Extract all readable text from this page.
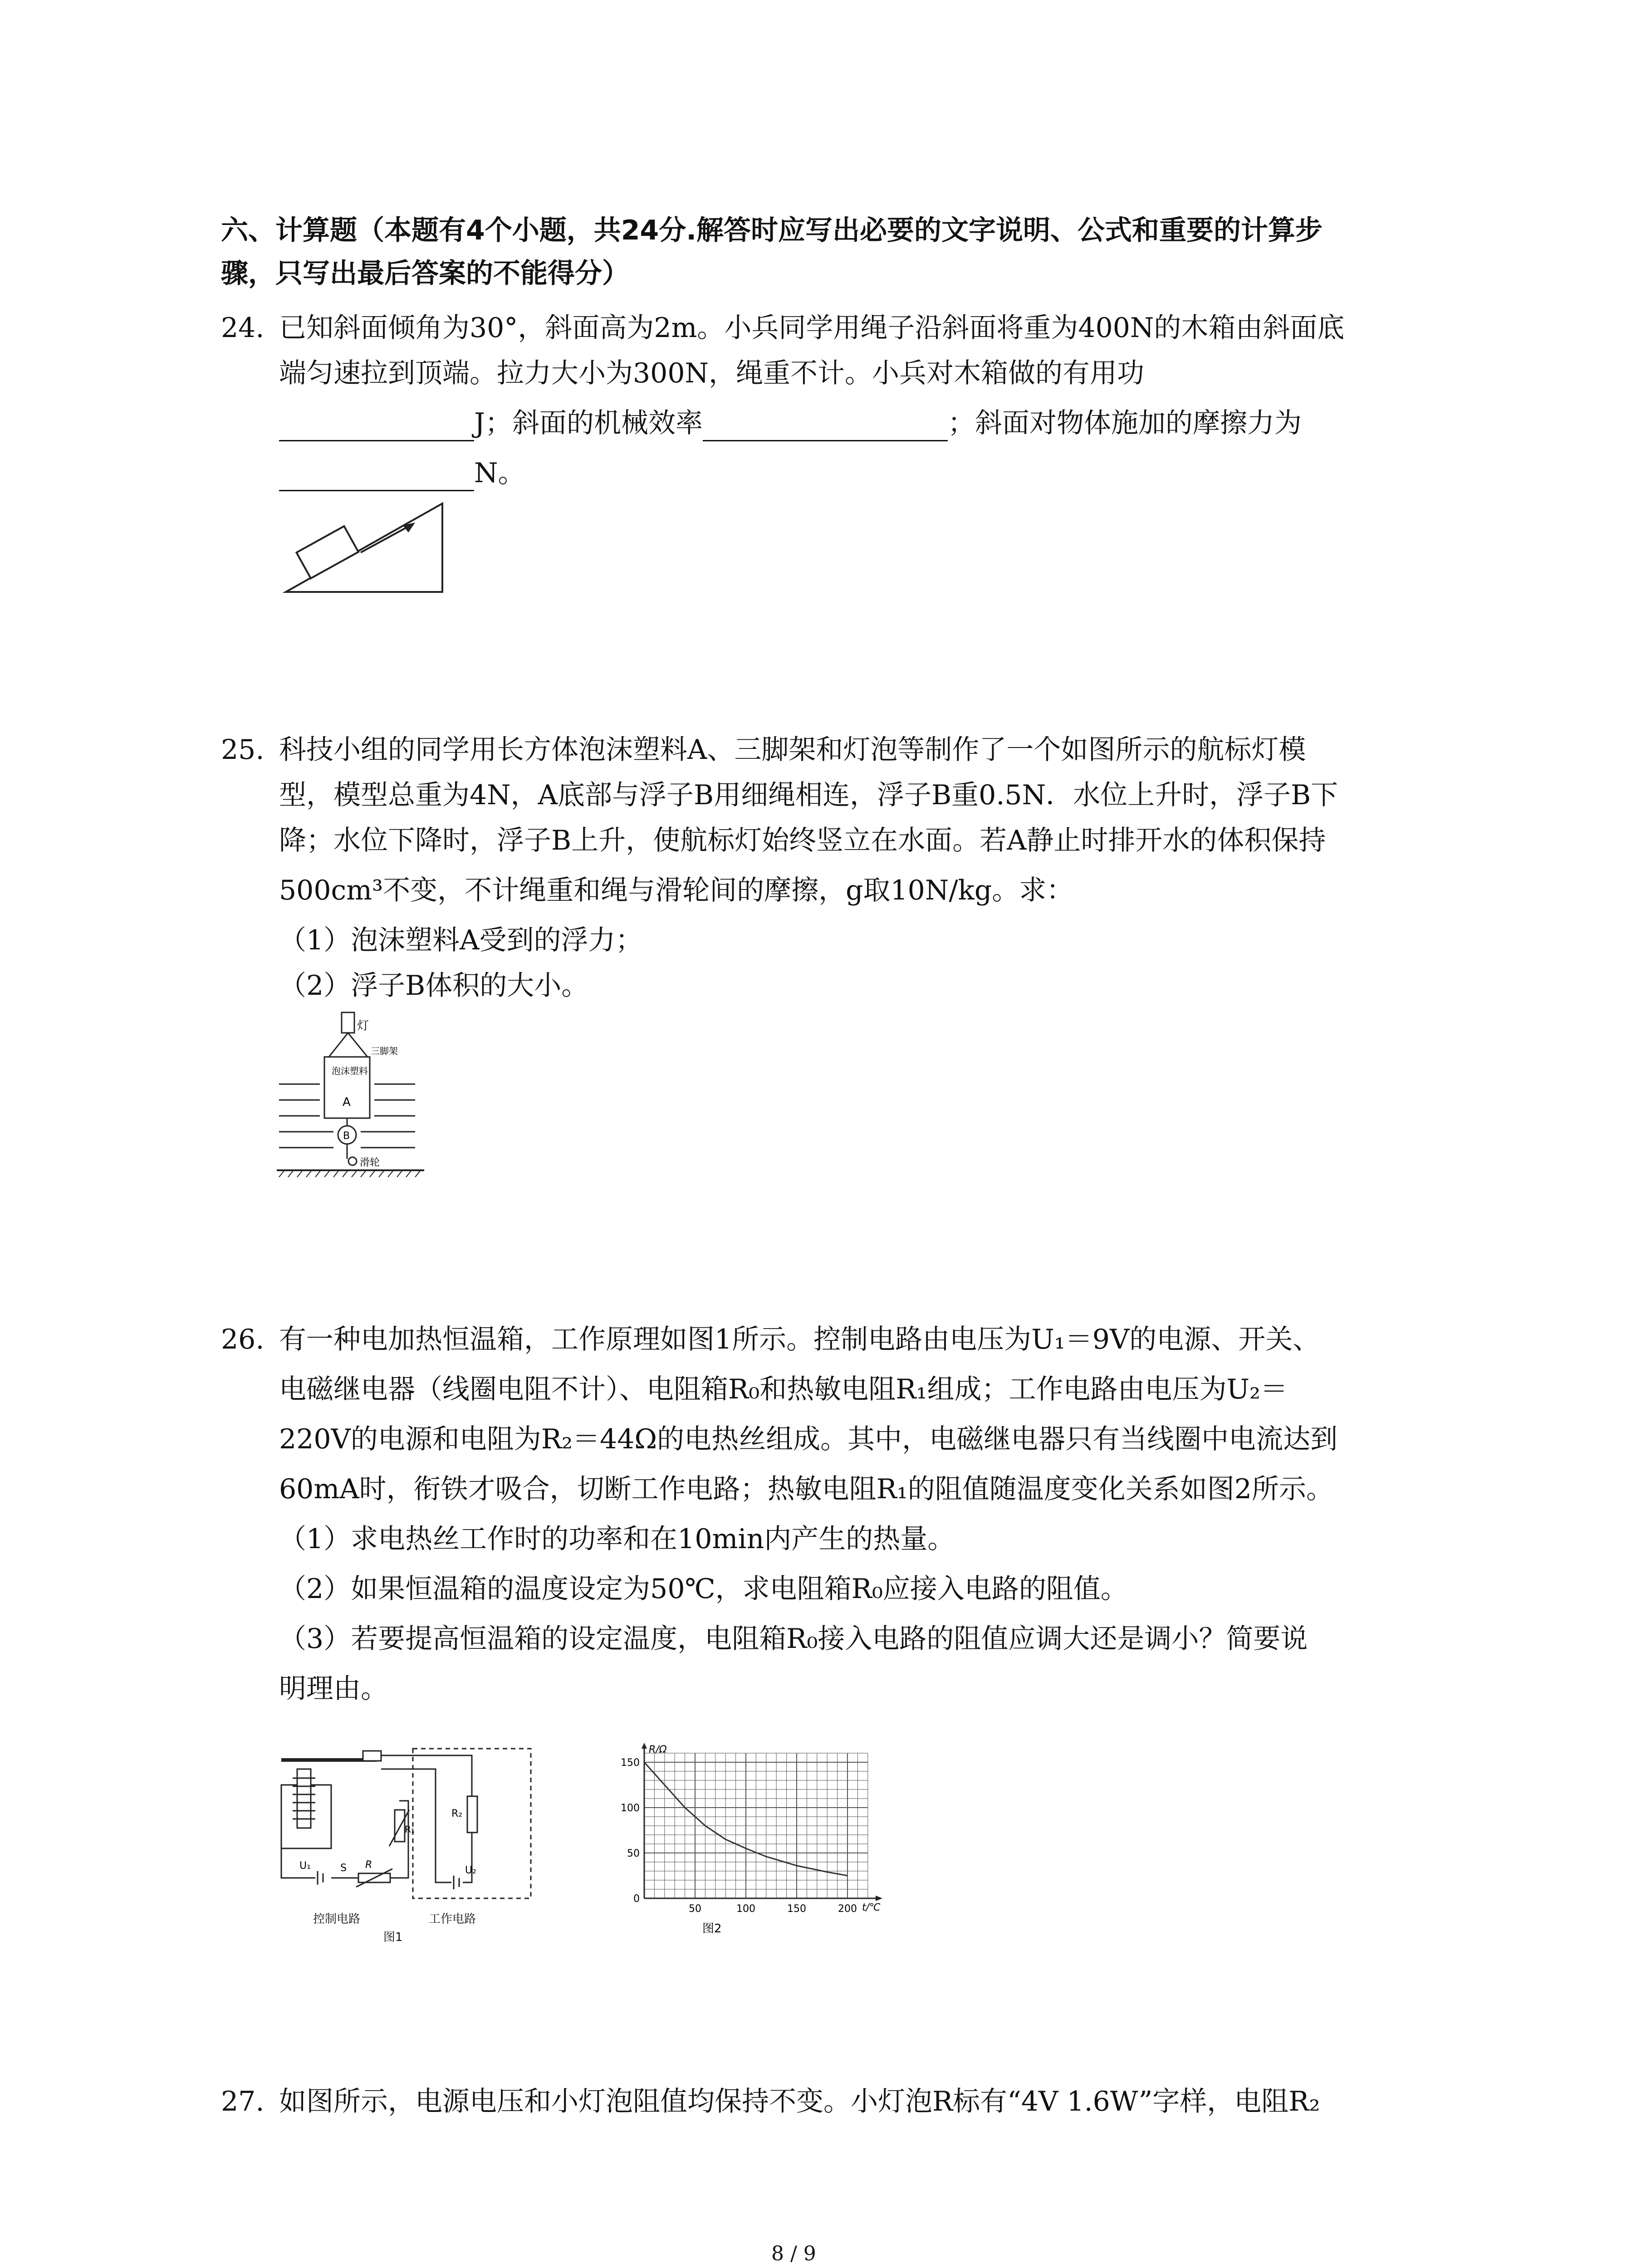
六、计算题（本题有4个小题，共24分.解答时应写出必要的文字说明、公式和重要的计算步
骤，只写出最后答案的不能得分）
24. 已知斜面倾角为30°，斜面高为2m。小兵同学用绳子沿斜面将重为400N的木箱由斜面底
端匀速拉到顶端。拉力大小为300N，绳重不计。小兵对木箱做的有用功
J；斜面的机械效率	；斜面对物体施加的摩擦力为
N。
25. 科技小组的同学用长方体泡沫塑料A、三脚架和灯泡等制作了一个如图所示的航标灯模
型，模型总重为4N，A底部与浮子B用细绳相连，浮子B重0.5N．水位上升时，浮子B下
降；水位下降时，浮子B上升，使航标灯始终竖立在水面。若A静止时排开水的体积保持
500cm³不变，不计绳重和绳与滑轮间的摩擦，g取10N/kg。求：
（1）泡沫塑料A受到的浮力；
（2）浮子B体积的大小。
灯
三脚架
泡沫塑料
A
B
滑轮
26. 有一种电加热恒温箱，工作原理如图1所示。控制电路由电压为U₁＝9V的电源、开关、
电磁继电器（线圈电阻不计）、电阻箱R₀和热敏电阻R₁组成；工作电路由电压为U₂＝
220V的电源和电阻为R₂＝44Ω的电热丝组成。其中，电磁继电器只有当线圈中电流达到
60mA时，衔铁才吸合，切断工作电路；热敏电阻R₁的阻值随温度变化关系如图2所示。
（1）求电热丝工作时的功率和在10min内产生的热量。
（2）如果恒温箱的温度设定为50℃，求电阻箱R₀应接入电路的阻值。
（3）若要提高恒温箱的设定温度，电阻箱R₀接入电路的阻值应调大还是调小？简要说
明理由。
U₁	S R
R₁
R₂
U₂
控制电路	工作电路
图1
R/Ω
t/℃
0
50
100
150
50	100	150	200
图2
27. 如图所示，电源电压和小灯泡阻值均保持不变。小灯泡R标有“4V 1.6W”字样，电阻R₂
8 / 9
